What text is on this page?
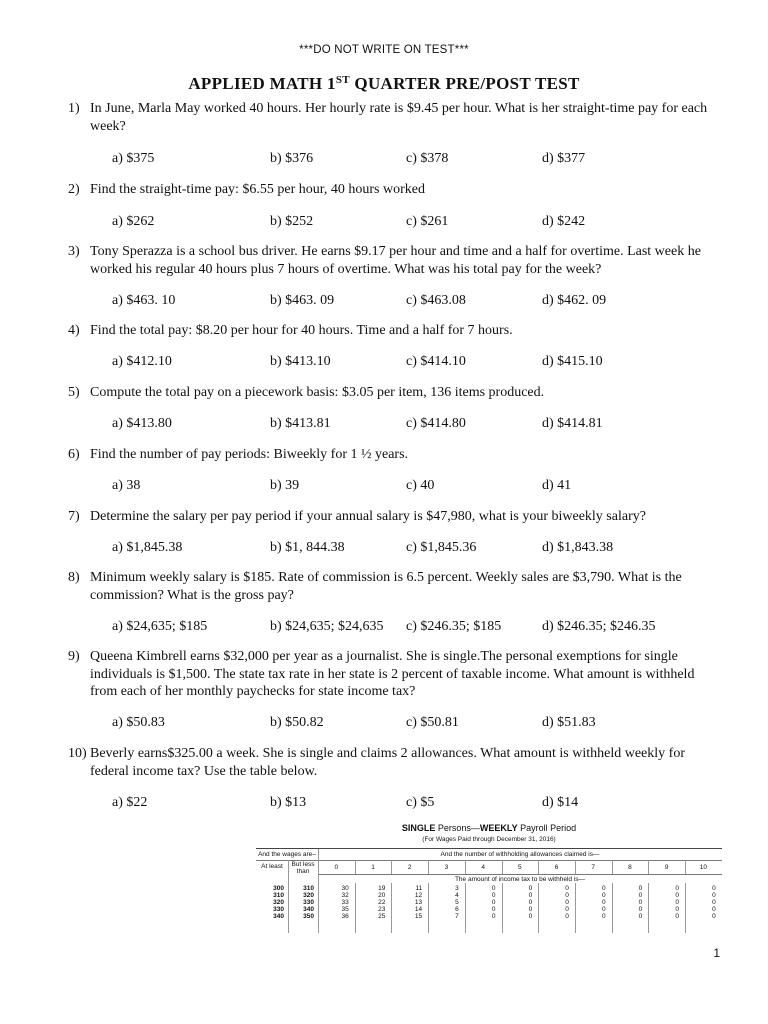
***DO NOT WRITE ON TEST***
APPLIED MATH 1ST QUARTER PRE/POST TEST
1) In June, Marla May worked 40 hours. Her hourly rate is $9.45 per hour. What is her straight-time pay for each week?
a) $375	b) $376	c) $378	d) $377
2) Find the straight-time pay: $6.55 per hour, 40 hours worked
a) $262	b) $252	c) $261	d) $242
3) Tony Sperazza is a school bus driver. He earns $9.17 per hour and time and a half for overtime. Last week he worked his regular 40 hours plus 7 hours of overtime. What was his total pay for the week?
a) $463. 10	b) $463. 09	c) $463.08	d) $462. 09
4) Find the total pay: $8.20 per hour for 40 hours. Time and a half for 7 hours.
a) $412.10	b) $413.10	c) $414.10	d) $415.10
5) Compute the total pay on a piecework basis: $3.05 per item, 136 items produced.
a) $413.80	b) $413.81	c) $414.80	d) $414.81
6) Find the number of pay periods: Biweekly for 1 ½ years.
a) 38	b) 39	c) 40	d) 41
7) Determine the salary per pay period if your annual salary is $47,980, what is your biweekly salary?
a) $1,845.38	b) $1, 844.38	c) $1,845.36	d) $1,843.38
8) Minimum weekly salary is $185. Rate of commission is 6.5 percent. Weekly sales are $3,790. What is the commission? What is the gross pay?
a) $24,635; $185	b) $24,635; $24,635 c) $246.35; $185	d) $246.35; $246.35
9) Queena Kimbrell earns $32,000 per year as a journalist. She is single.The personal exemptions for single individuals is $1,500. The state tax rate in her state is 2 percent of taxable income. What amount is withheld from each of her monthly paychecks for state income tax?
a) $50.83	b) $50.82	c) $50.81	d) $51.83
10) Beverly earns$325.00 a week. She is single and claims 2 allowances. What amount is withheld weekly for federal income tax? Use the table below.
a) $22	b) $13	c) $5	d) $14
SINGLE Persons—WEEKLY Payroll Period
(For Wages Paid through December 31, 2016)
And the wages are–	And the number of withholding allowances claimed is—
At least	But less than	0	1	2	3	4	5	6	7	8	9	10
The amount of income tax to be withheld is—
300	310	30	19	11	3	0	0	0	0	0	0	0
310	320	32	20	12	4	0	0	0	0	0	0	0
320	330	33	22	13	5	0	0	0	0	0	0	0
330	340	35	23	14	6	0	0	0	0	0	0	0
340	350	36	25	15	7	0	0	0	0	0	0	0
1
